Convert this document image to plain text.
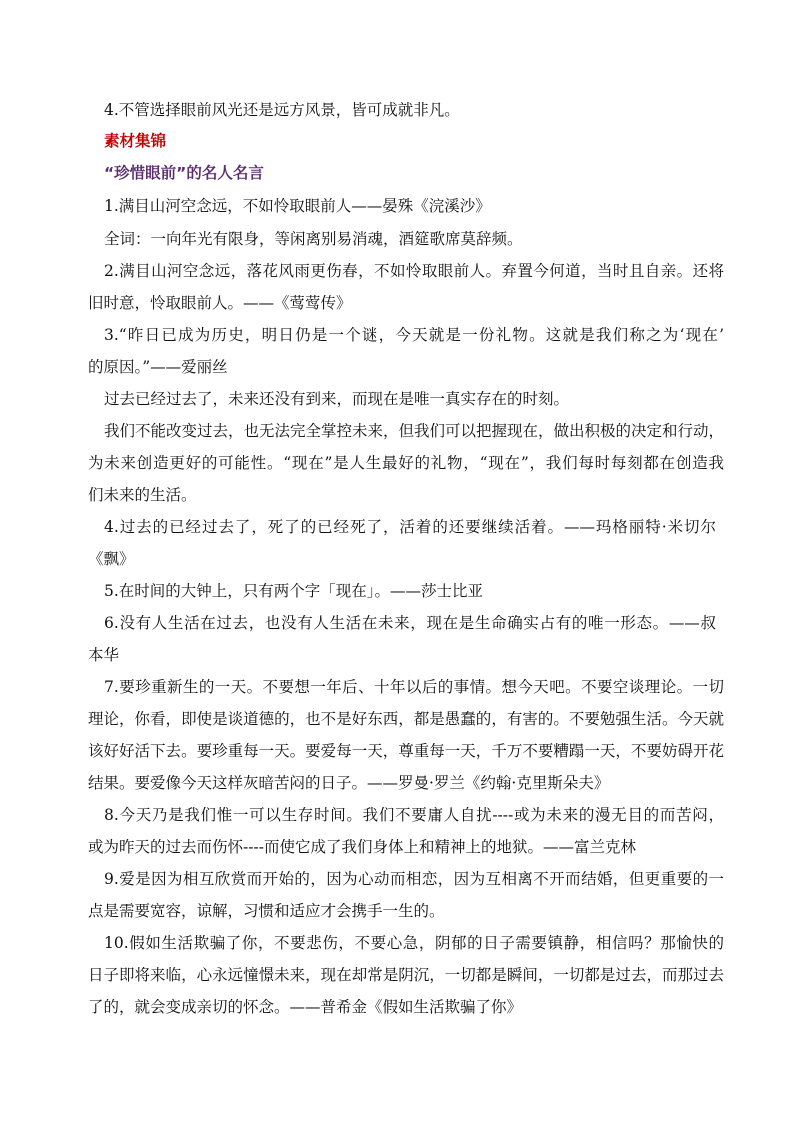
4.不管选择眼前风光还是远方风景，皆可成就非凡。
素材集锦
“珍惜眼前”的名人名言
1.满目山河空念远，不如怜取眼前人——晏殊《浣溪沙》
全词：一向年光有限身，等闲离别易消魂，酒筵歌席莫辞频。
2.满目山河空念远，落花风雨更伤春，不如怜取眼前人。弃置今何道，当时且自亲。还将
旧时意，怜取眼前人。——《莺莺传》
3.“昨日已成为历史，明日仍是一个谜，今天就是一份礼物。这就是我们称之为‘现在’
的原因。”——爱丽丝
过去已经过去了，未来还没有到来，而现在是唯一真实存在的时刻。
我们不能改变过去，也无法完全掌控未来，但我们可以把握现在，做出积极的决定和行动，
为未来创造更好的可能性。“现在”是人生最好的礼物，“现在”，我们每时每刻都在创造我
们未来的生活。
4.过去的已经过去了，死了的已经死了，活着的还要继续活着。——玛格丽特·米切尔
《飘》
5.在时间的大钟上，只有两个字「现在」。——莎士比亚
6.没有人生活在过去，也没有人生活在未来，现在是生命确实占有的唯一形态。——叔
本华
7.要珍重新生的一天。不要想一年后、十年以后的事情。想今天吧。不要空谈理论。一切
理论，你看，即使是谈道德的，也不是好东西，都是愚蠢的，有害的。不要勉强生活。今天就
该好好活下去。要珍重每一天。要爱每一天，尊重每一天，千万不要糟蹋一天，不要妨碍开花
结果。要爱像今天这样灰暗苦闷的日子。——罗曼·罗兰《约翰·克里斯朵夫》
8.今天乃是我们惟一可以生存时间。我们不要庸人自扰----或为未来的漫无目的而苦闷，
或为昨天的过去而伤怀----而使它成了我们身体上和精神上的地狱。——富兰克林
9.爱是因为相互欣赏而开始的，因为心动而相恋，因为互相离不开而结婚，但更重要的一
点是需要宽容，谅解，习惯和适应才会携手一生的。
10.假如生活欺骗了你，不要悲伤，不要心急，阴郁的日子需要镇静，相信吗？那愉快的
日子即将来临，心永远憧憬未来，现在却常是阴沉，一切都是瞬间，一切都是过去，而那过去
了的，就会变成亲切的怀念。——普希金《假如生活欺骗了你》
